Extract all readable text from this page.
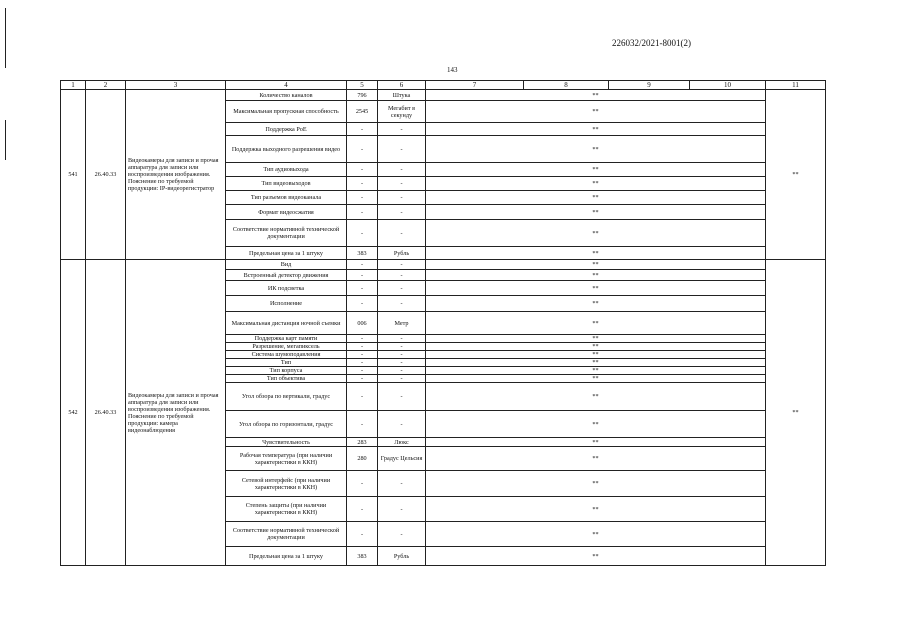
226032/2021-8001(2)
143
1	2	3	4	5	6	7	8	9	10	11
541	26.40.33	Видеокамеры для записи и прочая аппаратура для записи или воспроизведения изображения. Пояснение по требуемой продукции: IP-видеорегистратор	Количество каналов	796	Штука	**				**
			Максимальная пропускная способность	2545	Мегабит в секунду	**				
			Поддержка PoE	-	-	**				
			Поддержка выходного разрешения видео	-	-	**				
			Тип аудиовыхода	-	-	**				
			Тип видеовыходов	-	-	**				
			Тип разъемов видеоканала	-	-	**				
			Формат видеосжатия	-	-	**				
			Соответствие нормативной технической документации	-	-	**				
			Предельная цена за 1 штуку	383	Рубль	**				
542	26.40.33	Видеокамеры для записи и прочая аппаратура для записи или воспроизведения изображения. Пояснение по требуемой продукции: камера видеонаблюдения	Вид	-	-	**				**
			Встроенный детектор движения	-	-	**				
			ИК подсветка	-	-	**				
			Исполнение	-	-	**				
			Максимальная дистанция ночной съемки	006	Метр	**				
			Поддержка карт памяти	-	-	**				
			Разрешение, мегапиксель	-	-	**				
			Система шумоподавления	-	-	**				
			Тип	-	-	**				
			Тип корпуса	-	-	**				
			Тип объектива	-	-	**				
			Угол обзора по вертикали, градус	-	-	**				
			Угол обзора по горизонтали, градус	-	-	**				
			Чувствительность	283	Люкс	**				
			Рабочая температура (при наличии характеристики в ККН)	280	Градус Цельсия	**				
			Сетевой интерфейс (при наличии характеристики в ККН)	-	-	**				
			Степень защиты (при наличии характеристики в ККН)	-	-	**				
			Соответствие нормативной технической документации	-	-	**				
			Предельная цена за 1 штуку	383	Рубль	**				
